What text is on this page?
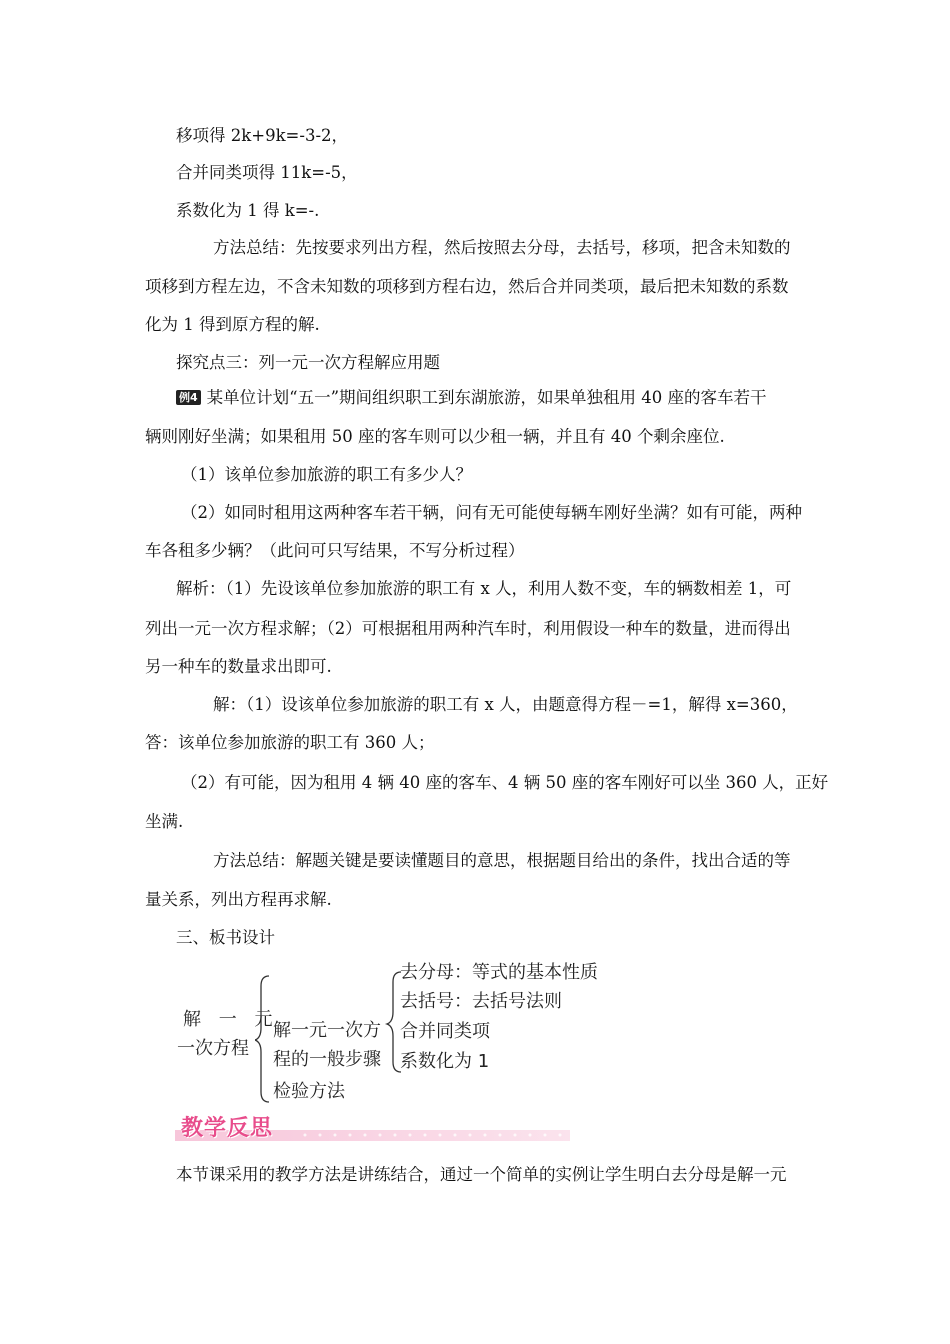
移项得 2k+9k=-3-2，
合并同类项得 11k=-5，
系数化为 1 得 k=-.
方法总结：先按要求列出方程，然后按照去分母，去括号，移项，把含未知数的
项移到方程左边，不含未知数的项移到方程右边，然后合并同类项，最后把未知数的系数
化为 1 得到原方程的解.
探究点三：列一元一次方程解应用题
例4 某单位计划“五一”期间组织职工到东湖旅游，如果单独租用 40 座的客车若干
辆则刚好坐满；如果租用 50 座的客车则可以少租一辆，并且有 40 个剩余座位.
（1）该单位参加旅游的职工有多少人？
（2）如同时租用这两种客车若干辆，问有无可能使每辆车刚好坐满？如有可能，两种
车各租多少辆？（此问可只写结果，不写分析过程）
解析：（1）先设该单位参加旅游的职工有 x 人，利用人数不变，车的辆数相差 1，可
列出一元一次方程求解；（2）可根据租用两种汽车时，利用假设一种车的数量，进而得出
另一种车的数量求出即可.
解：（1）设该单位参加旅游的职工有 x 人，由题意得方程－=1，解得 x=360，
答：该单位参加旅游的职工有 360 人；
（2）有可能，因为租用 4 辆 40 座的客车、4 辆 50 座的客车刚好可以坐 360 人，正好
坐满.
方法总结：解题关键是要读懂题目的意思，根据题目给出的条件，找出合适的等
量关系，列出方程再求解.
三、板书设计
解 一 元
一次方程
解一元一次方
程的一般步骤
检验方法
去分母：等式的基本性质
去括号：去括号法则
合并同类项
系数化为 1
教学反思
本节课采用的教学方法是讲练结合，通过一个简单的实例让学生明白去分母是解一元
